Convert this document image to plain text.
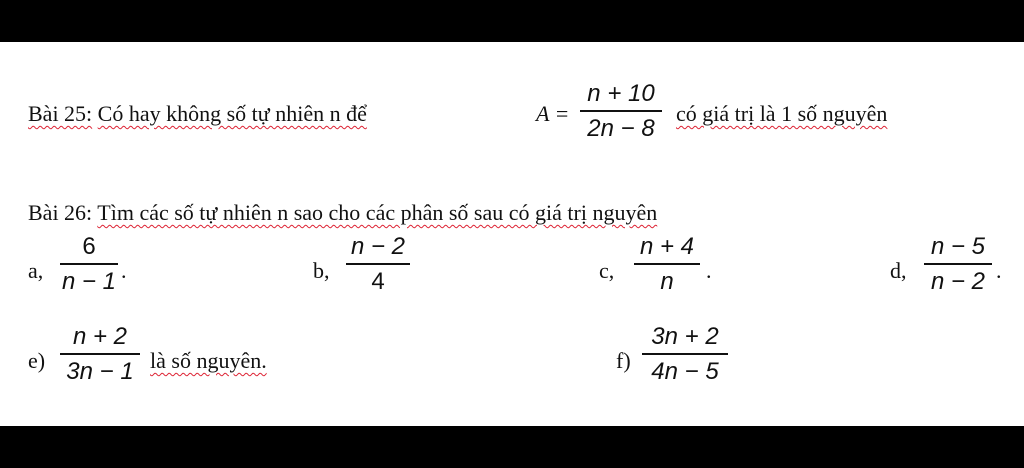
Bài 25: Có hay không số tự nhiên n để	A =
n + 10
2n − 8
có giá trị là 1 số nguyên
Bài 26: Tìm các số tự nhiên n sao cho các phân số sau có giá trị nguyên
a,
6
n − 1 .	b,
n − 2
4	c,
n + 4
n	.	d,
n − 5
n − 2 .
e)
n + 2
3n − 1 là số nguyên.	f)
3n + 2
4n − 5
